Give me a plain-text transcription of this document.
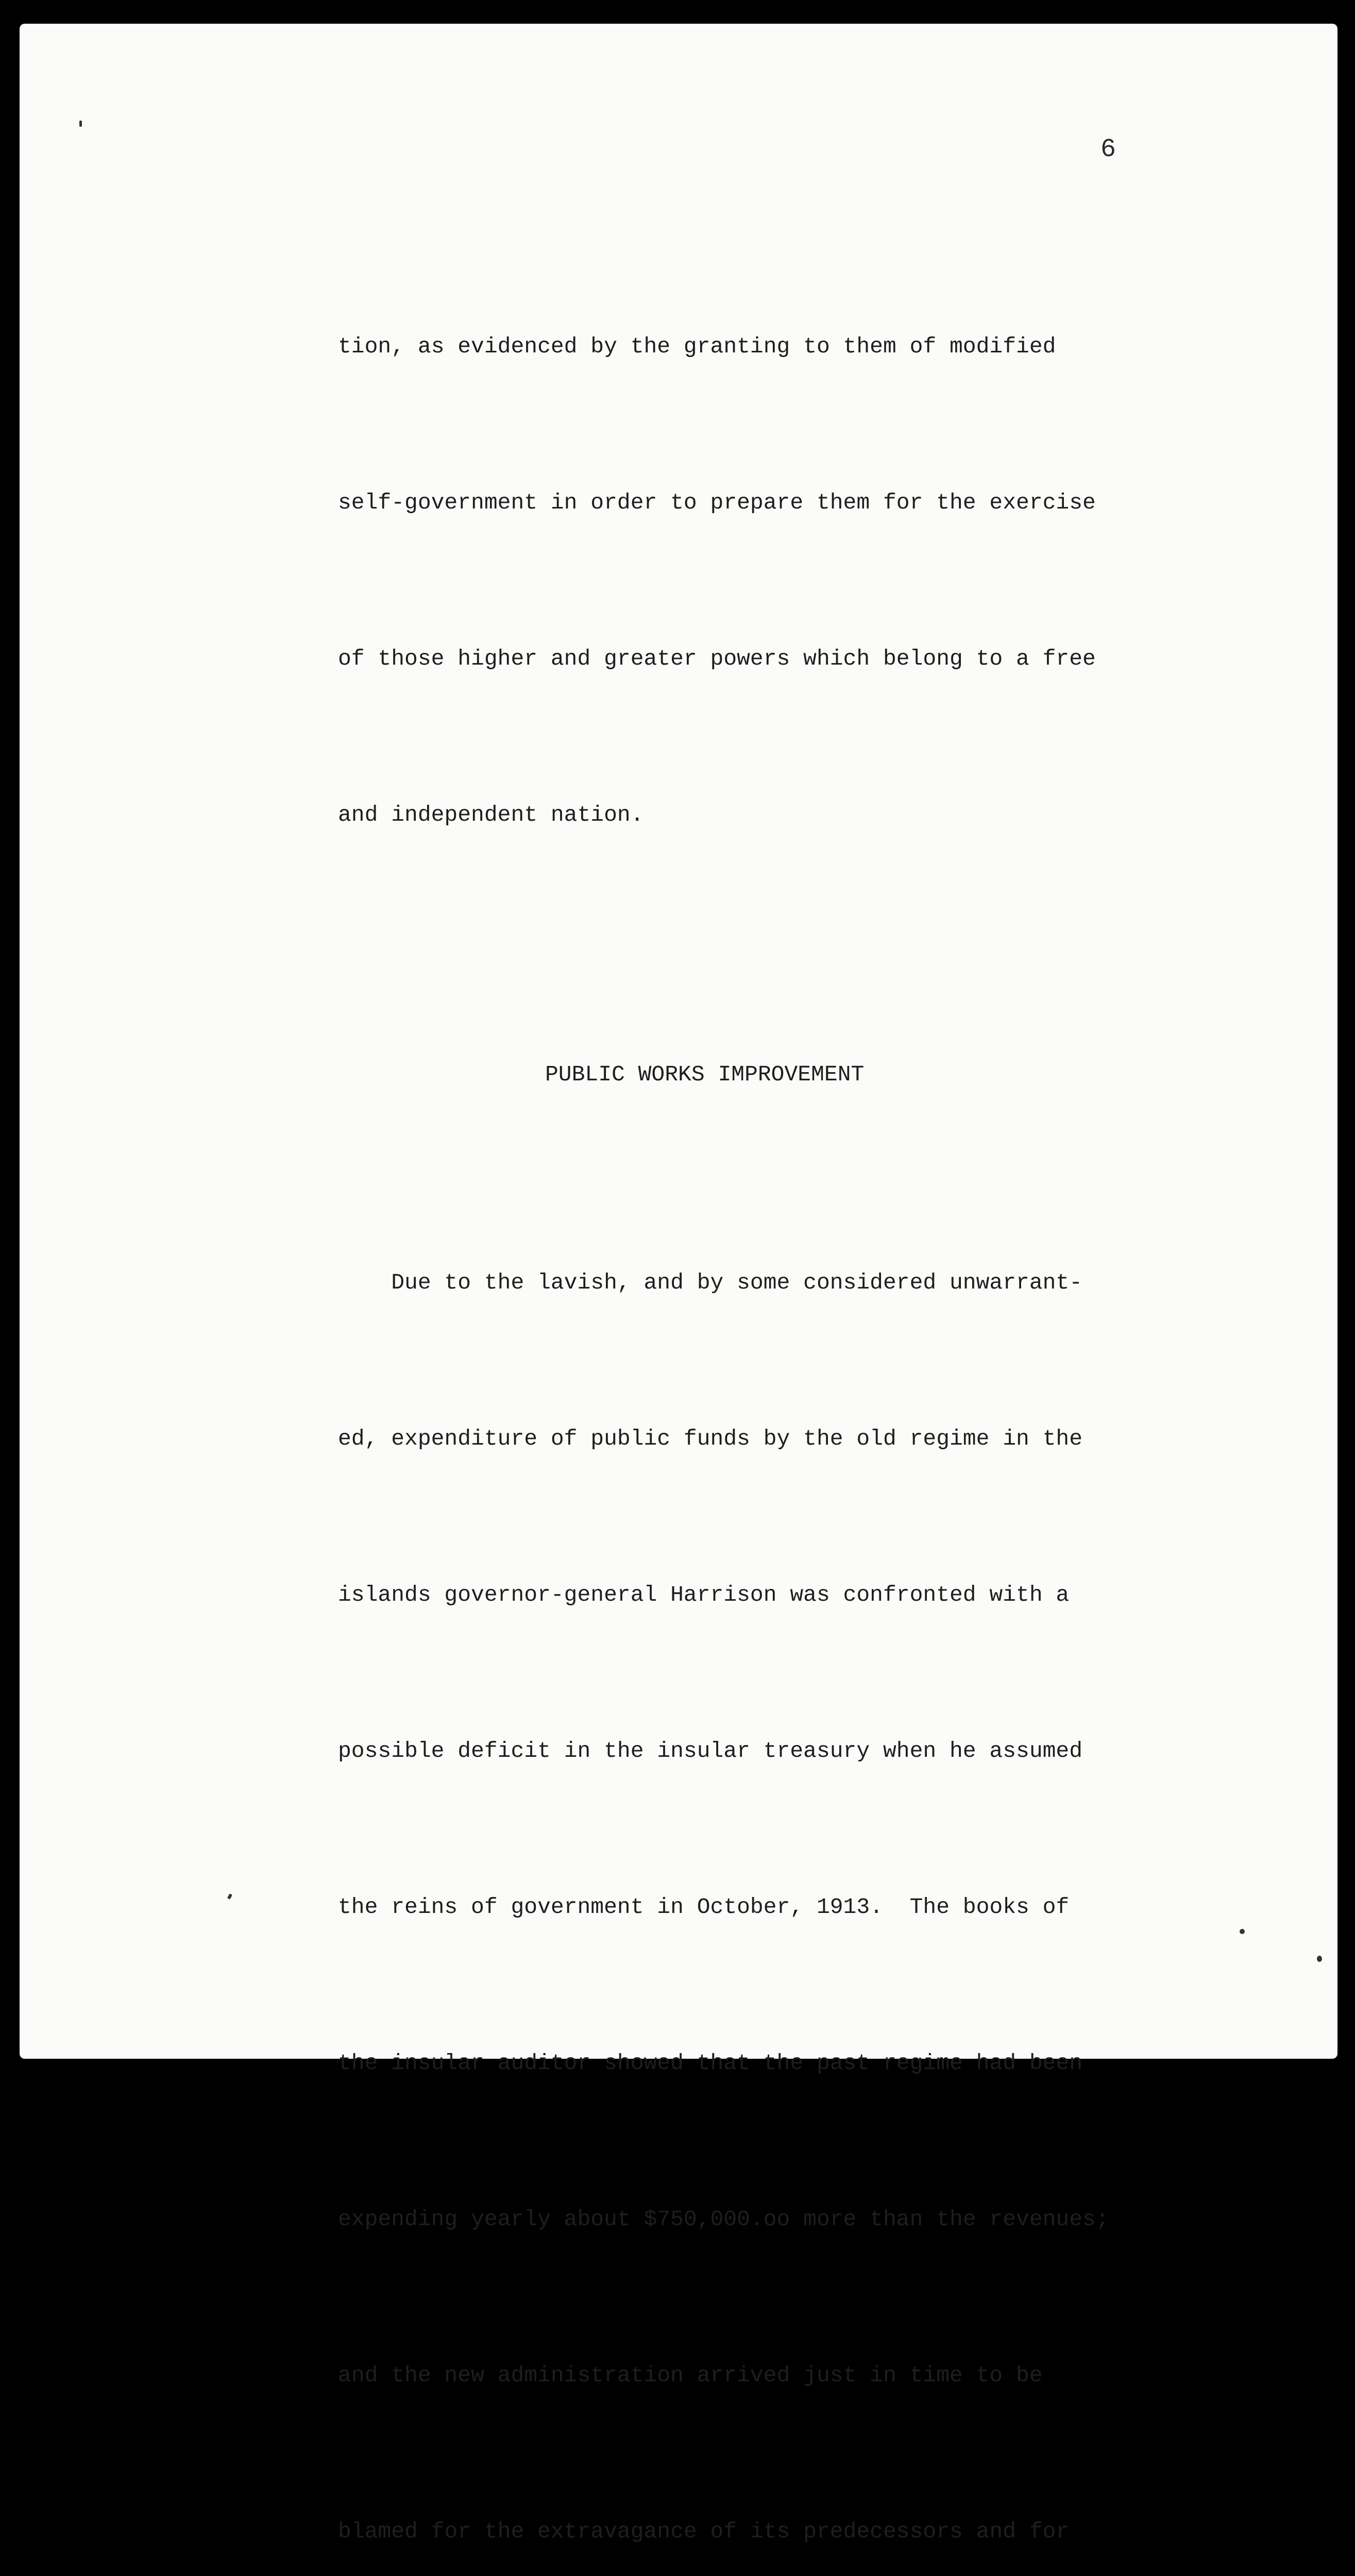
6

tion, as evidenced by the granting to them of modified

self-government in order to prepare them for the exercise

of those higher and greater powers which belong to a free

and independent nation.

PUBLIC WORKS IMPROVEMENT

Due to the lavish, and by some considered unwarrant-

ed, expenditure of public funds by the old regime in the

islands governor-general Harrison was confronted with a

possible deficit in the insular treasury when he assumed

the reins of government in October, 1913.  The books of

the insular auditor showed that the past regime had been

expending yearly about $750,000.oo more than the revenues;

and the new administration arrived just in time to be

blamed for the extravagance of its predecessors and for
